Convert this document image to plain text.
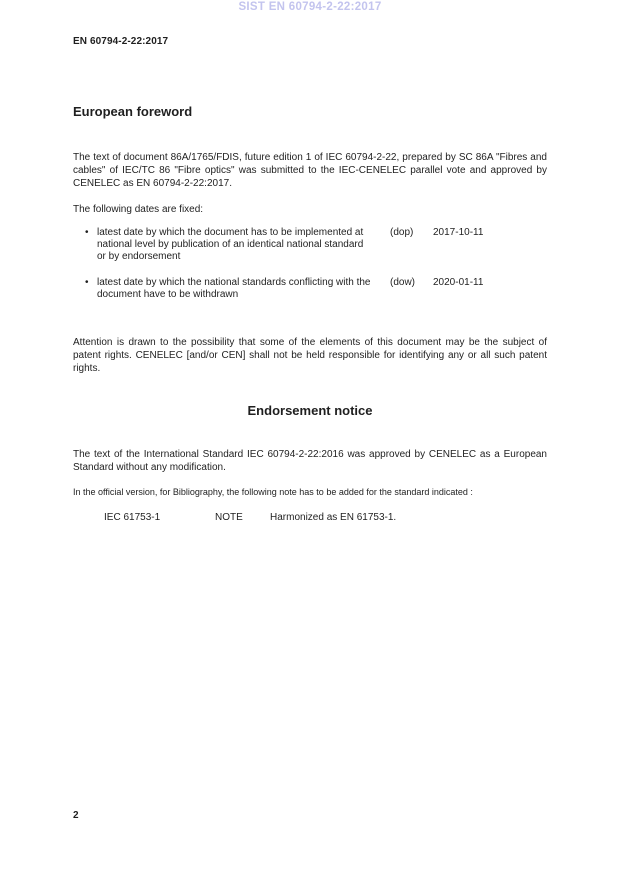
SIST EN 60794-2-22:2017
EN 60794-2-22:2017
European foreword

The text of document 86A/1765/FDIS, future edition 1 of IEC 60794-2-22, prepared by SC 86A "Fibres and cables" of IEC/TC 86 "Fibre optics" was submitted to the IEC-CENELEC parallel vote and approved by CENELEC as EN 60794-2-22:2017.

The following dates are fixed:

• latest date by which the document has to be implemented at national level by publication of an identical national standard or by endorsement
(dop)	2017-10-11
• latest date by which the national standards conflicting with the document have to be withdrawn
(dow)	2020-01-11

Attention is drawn to the possibility that some of the elements of this document may be the subject of patent rights. CENELEC [and/or CEN] shall not be held responsible for identifying any or all such patent rights.

Endorsement notice

The text of the International Standard IEC 60794-2-22:2016 was approved by CENELEC as a European Standard without any modification.

In the official version, for Bibliography, the following note has to be added for the standard indicated :

IEC 61753-1	NOTE	Harmonized as EN 61753-1.
2
